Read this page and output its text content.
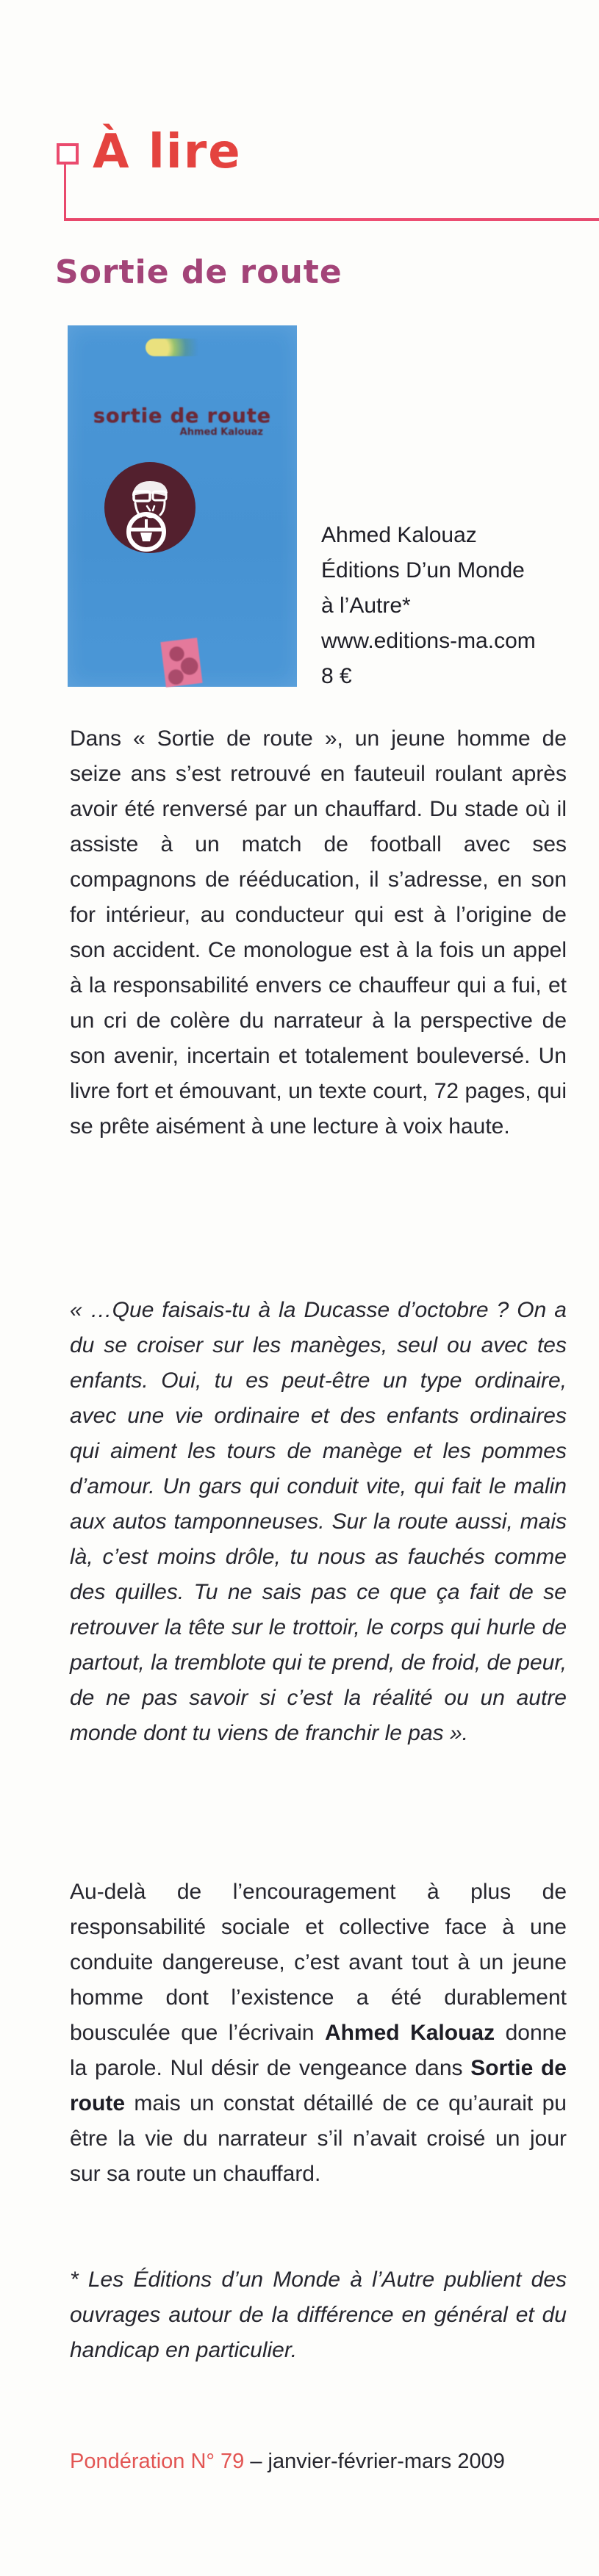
À lire
Sortie de route
sortie de route
Ahmed Kalouaz
Ahmed Kalouaz
Éditions D’un Monde
à l’Autre*
www.editions-ma.com
8 €

Dans « Sortie de route », un jeune homme de seize ans s’est retrouvé en fauteuil roulant après avoir été renversé par un chauffard. Du stade où il assiste à un match de football avec ses compagnons de rééducation, il s’adresse, en son for intérieur, au conducteur qui est à l’origine de son accident. Ce monologue est à la fois un appel à la responsabilité envers ce chauffeur qui a fui, et un cri de colère du narrateur à la perspective de son avenir, incertain et totalement bouleversé. Un livre fort et émouvant, un texte court, 72 pages, qui se prête aisément à une lecture à voix haute.

« …Que faisais-tu à la Ducasse d’octobre ? On a du se croiser sur les manèges, seul ou avec tes enfants. Oui, tu es peut-être un type ordinaire, avec une vie ordinaire et des enfants ordinaires qui aiment les tours de manège et les pommes d’amour. Un gars qui conduit vite, qui fait le malin aux autos tamponneuses. Sur la route aussi, mais là, c’est moins drôle, tu nous as fauchés comme des quilles. Tu ne sais pas ce que ça fait de se retrouver la tête sur le trottoir, le corps qui hurle de partout, la tremblote qui te prend, de froid, de peur, de ne pas savoir si c’est la réalité ou un autre monde dont tu viens de franchir le pas ».

Au-delà de l’encouragement à plus de responsabilité sociale et collective face à une conduite dangereuse, c’est avant tout à un jeune homme dont l’existence a été durablement bousculée que l’écrivain Ahmed Kalouaz donne la parole. Nul désir de vengeance dans Sortie de route mais un constat détaillé de ce qu’aurait pu être la vie du narrateur s’il n’avait croisé un jour sur sa route un chauffard.

* Les Éditions d’un Monde à l’Autre publient des ouvrages autour de la différence en général et du handicap en particulier.

Pondération N° 79 – janvier-février-mars 2009
